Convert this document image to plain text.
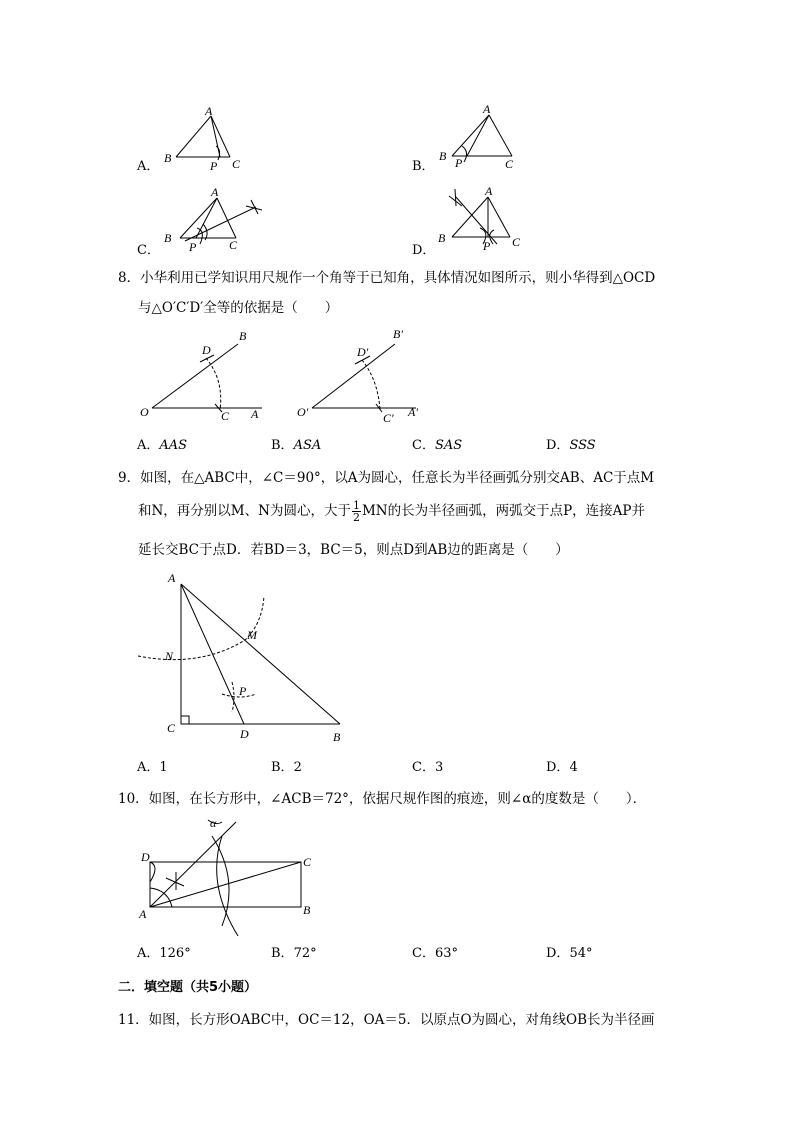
A．
A
B
P C	B．
A
B P	C
C．
A
B
P	C	D．
A
B
P C
8．小华利用已学知识用尺规作一个角等于已知角，具体情况如图所示，则小华得到△OCD
与△O′C′D′全等的依据是（　　）
O	C A
D
B
O′	C′ A′
D′
B′
A．AAS	B．ASA	C．SAS	D．SSS
9．如图，在△ABC中，∠C＝90°，以A为圆心，任意长为半径画弧分别交AB、AC于点M
和N，再分别以M、N为圆心，大于 $\frac{1}{2}$ MN的长为半径画弧，两弧交于点P，连接AP并
延长交BC于点D．若BD＝3，BC＝5，则点D到AB边的距离是（　　）
A
N
M
P
C	D	B
A．1	B．2	C．3	D．4
10．如图，在长方形中，∠ACB＝72°，依据尺规作图的痕迹，则∠α的度数是（　　）．
D
A
C
B
α
A．126°	B．72°	C．63°	D．54°
二．填空题（共5小题）
11．如图，长方形OABC中，OC＝12，OA＝5．以原点O为圆心，对角线OB长为半径画
